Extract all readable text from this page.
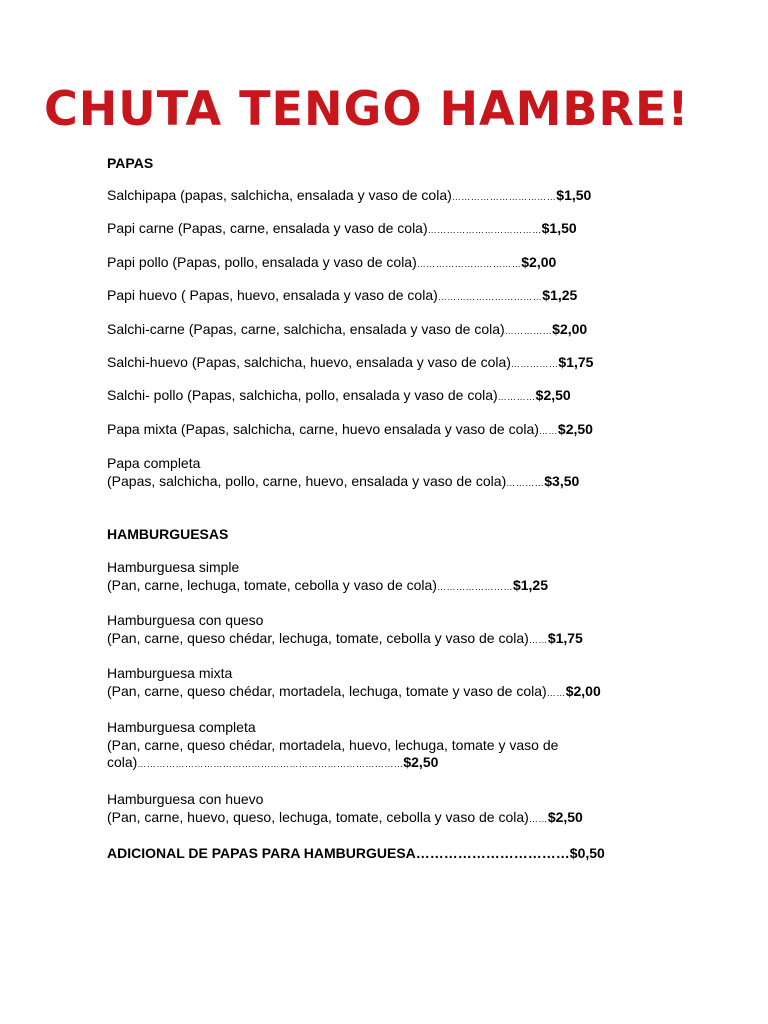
CHUTA TENGO HAMBRE!
PAPAS
Salchipapa (papas, salchicha, ensalada y vaso de cola)……………………………$1,50
Papi carne (Papas, carne, ensalada y vaso de cola)………………………………$1,50
Papi pollo (Papas, pollo, ensalada y vaso de cola)……………………………$2,00
Papi huevo ( Papas, huevo, ensalada y vaso de cola)……………………………$1,25
Salchi-carne (Papas, carne, salchicha, ensalada y vaso de cola)……………$2,00
Salchi-huevo (Papas, salchicha, huevo, ensalada y vaso de cola)……………$1,75
Salchi- pollo (Papas, salchicha, pollo, ensalada y vaso de cola)…………$2,50
Papa mixta (Papas, salchicha, carne, huevo ensalada y vaso de cola)……$2,50
Papa completa
(Papas, salchicha, pollo, carne, huevo, ensalada y vaso de cola)…………$3,50
HAMBURGUESAS
Hamburguesa simple
(Pan, carne, lechuga, tomate, cebolla y vaso de cola)……………………$1,25
Hamburguesa con queso
(Pan, carne, queso chédar, lechuga, tomate, cebolla y vaso de cola)……$1,75
Hamburguesa mixta
(Pan, carne, queso chédar, mortadela, lechuga, tomate y vaso de cola)……$2,00
Hamburguesa completa
(Pan, carne, queso chédar, mortadela, huevo, lechuga, tomate y vaso de
cola)…………………………………………………………………………$2,50
Hamburguesa con huevo
(Pan, carne, huevo, queso, lechuga, tomate, cebolla y vaso de cola)……$2,50
ADICIONAL DE PAPAS PARA HAMBURGUESA……………………………$0,50
